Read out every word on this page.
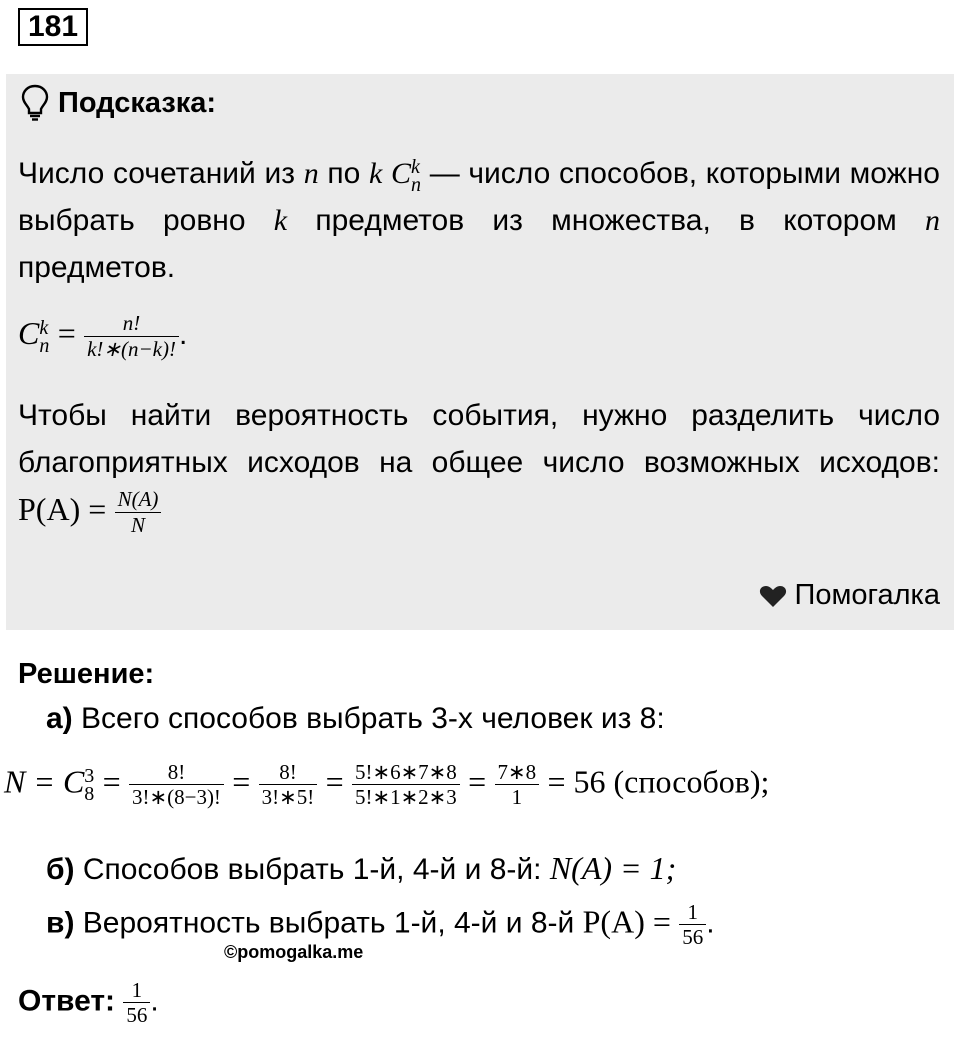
181
Подсказка:
Число сочетаний из n по k C k
n — число способов, которыми можно выбрать ровно k предметов из множества, в котором n предметов.
C k
$n = \frac{n!}{k!∗(n-k)!}$ .
Чтобы найти вероятность события, нужно разделить число благоприятных исходов на общее число возможных исходов: $P(A) = \frac{N(A)}{N}$
Помогалка
Решение:
а) Всего способов выбрать 3-х человек из 8:
N = C 3
$8 = \frac{8!}{3!∗(8-3)!} = \frac{8!}{3!∗5!} = \frac{5!∗6∗7∗8}{5!∗1∗2∗3} = \frac{7∗8}{1} = 56$ (способов);
б) Способов выбрать 1-й, 4-й и 8-й: N(A) = 1;
в) Вероятность выбрать 1-й, 4-й и 8-й $P(A) = \frac{1}{56}$ .
©pomogalka.me
Ответ: $\frac{1}{56}$ .
